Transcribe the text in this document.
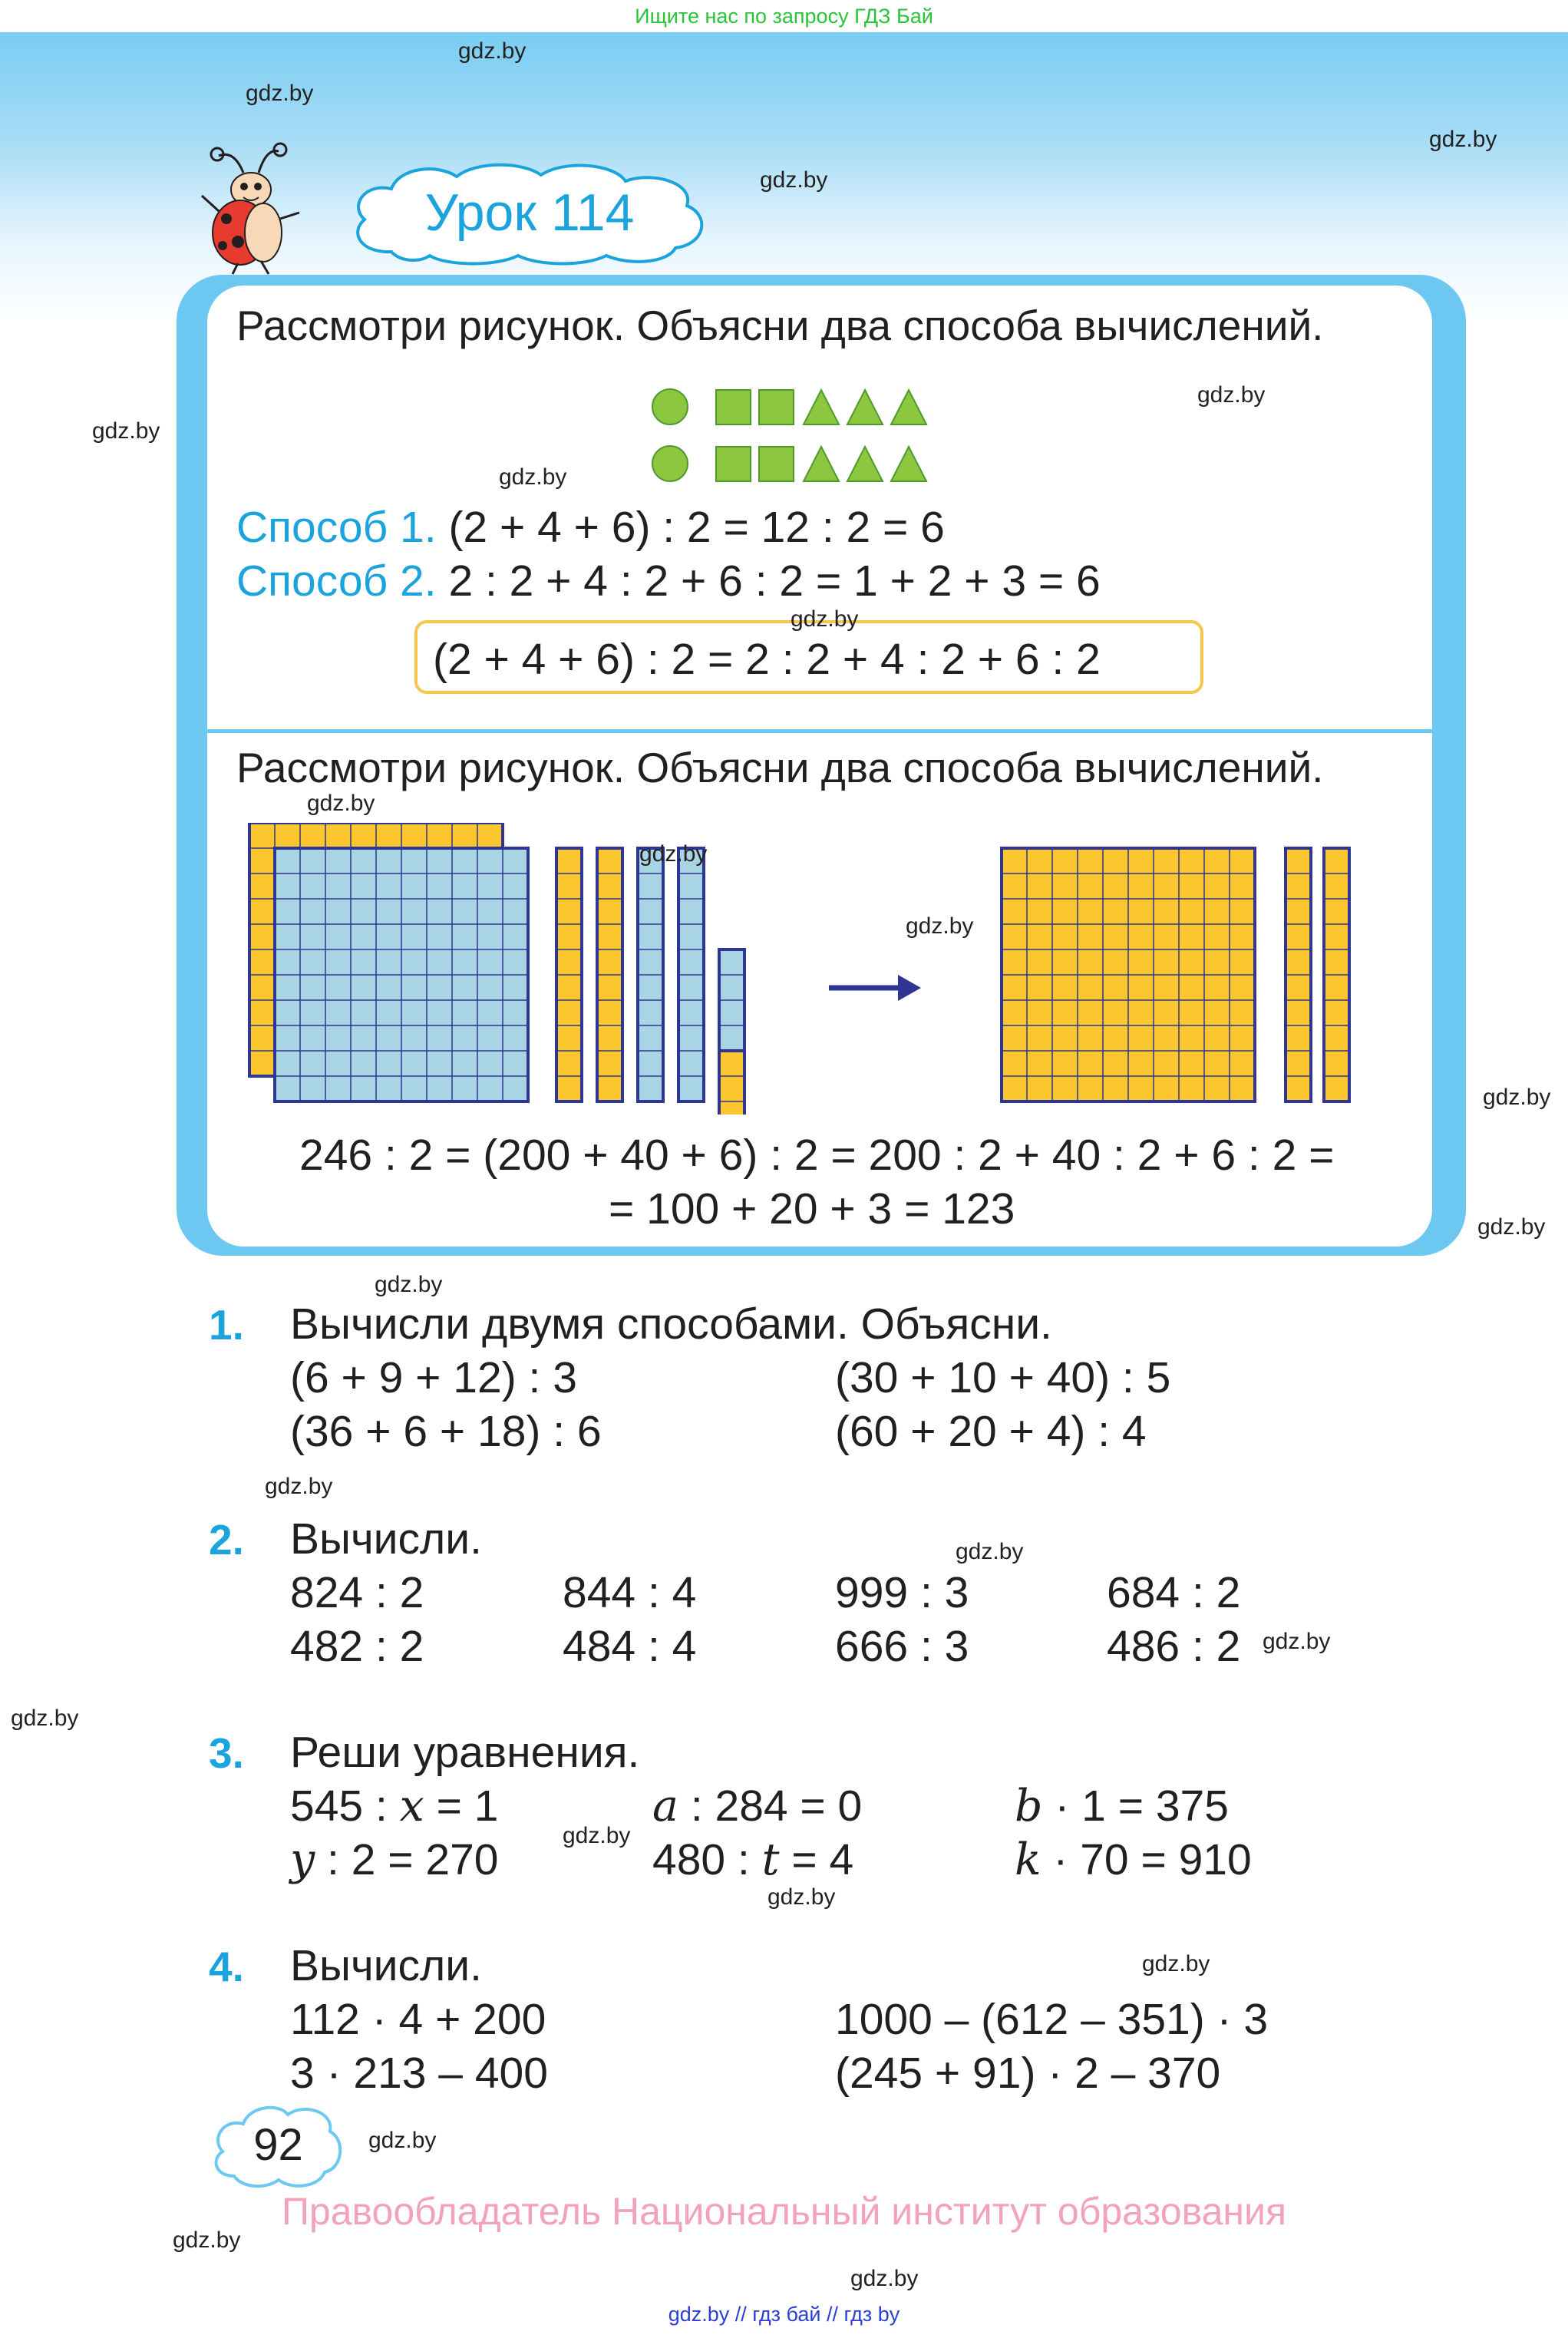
Ищите нас по запросу ГДЗ Бай
Урок 114
gdz.by
gdz.by
gdz.by
gdz.by
gdz.by
Рассмотри рисунок. Объясни два способа вычислений.
Способ 1. (2 + 4 + 6) : 2 = 12 : 2 = 6
Способ 2. 2 : 2 + 4 : 2 + 6 : 2 = 1 + 2 + 3 = 6
(2 + 4 + 6) : 2 = 2 : 2 + 4 : 2 + 6 : 2
Рассмотри рисунок. Объясни два способа вычислений.
246 : 2 = (200 + 40 + 6) : 2 = 200 : 2 + 40 : 2 + 6 : 2 =
= 100 + 20 + 3 = 123
gdz.by
gdz.by
gdz.by
gdz.by
gdz.by
gdz.by
gdz.by
gdz.by
gdz.by
1. Вычисли двумя способами. Объясни.
(6 + 9 + 12) : 3	(30 + 10 + 40) : 5
(36 + 6 + 18) : 6	(60 + 20 + 4) : 4
gdz.by
gdz.by
2. Вычисли.
824 : 2	844 : 4	999 : 3	684 : 2
482 : 2	484 : 4	666 : 3	486 : 2 gdz.by
gdz.by
3. Реши уравнения.
545 : x = 1	a : 284 = 0	b · 1 = 375
y : 2 = 270	480 : t = 4	k · 70 = 910
gdz.by
gdz.by
gdz.by
4. Вычисли.
112 · 4 + 200	1000 – (612 – 351) · 3
3 · 213 – 400	(245 + 91) · 2 – 370
92	gdz.by
Правообладатель Национальный институт образования
gdz.by
gdz.by
gdz.by // гдз бай // гдз by
